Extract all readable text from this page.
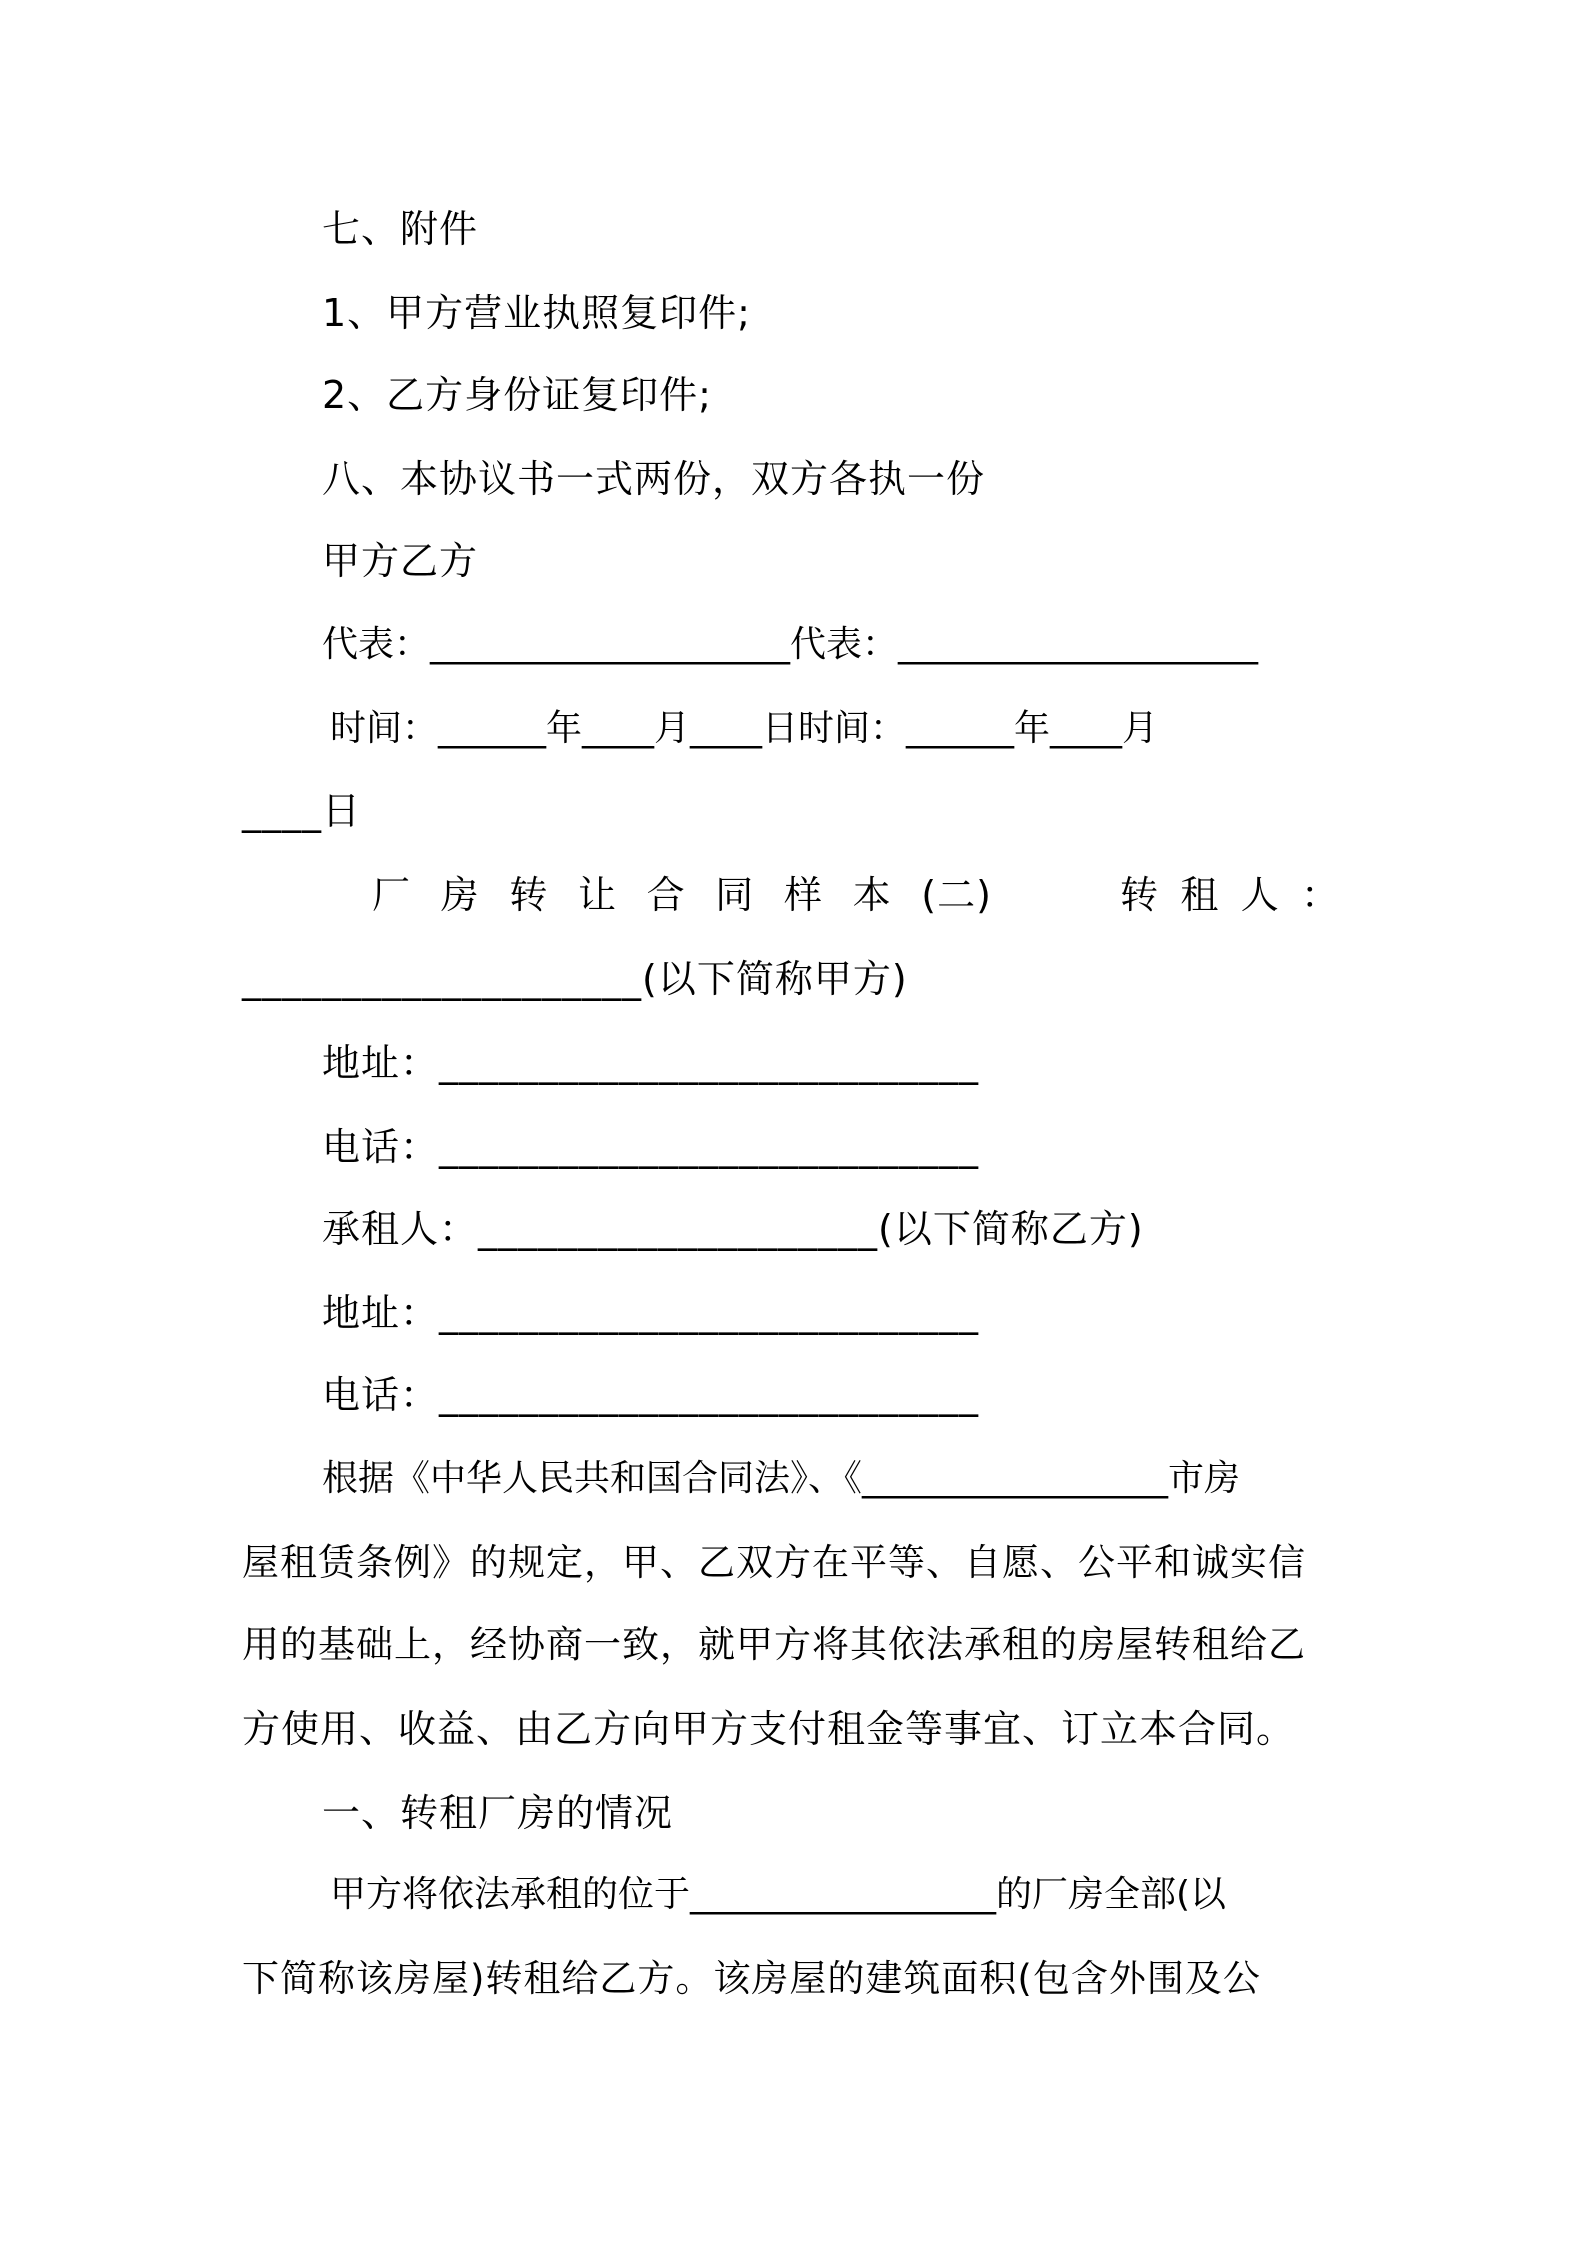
七、附件
1、甲方营业执照复印件;
2、乙方身份证复印件;
八、本协议书一式两份，双方各执一份
甲方乙方
代表：____________________代表：____________________
时间：______年____月____日时间：______年____月
____日
厂 房 转 让 合 同 样 本 (二)	转 租 人 ：
____________________(以下简称甲方)
地址：___________________________
电话：___________________________
承租人：____________________(以下简称乙方)
地址：___________________________
电话：___________________________
根据《中华人民共和国合同法》、《_________________市房
屋租赁条例》的规定，甲、乙双方在平等、自愿、公平和诚实信
用的基础上，经协商一致，就甲方将其依法承租的房屋转租给乙
方使用、收益、由乙方向甲方支付租金等事宜、订立本合同。
一、转租厂房的情况
甲方将依法承租的位于_________________的厂房全部(以
下简称该房屋)转租给乙方。该房屋的建筑面积(包含外围及公
